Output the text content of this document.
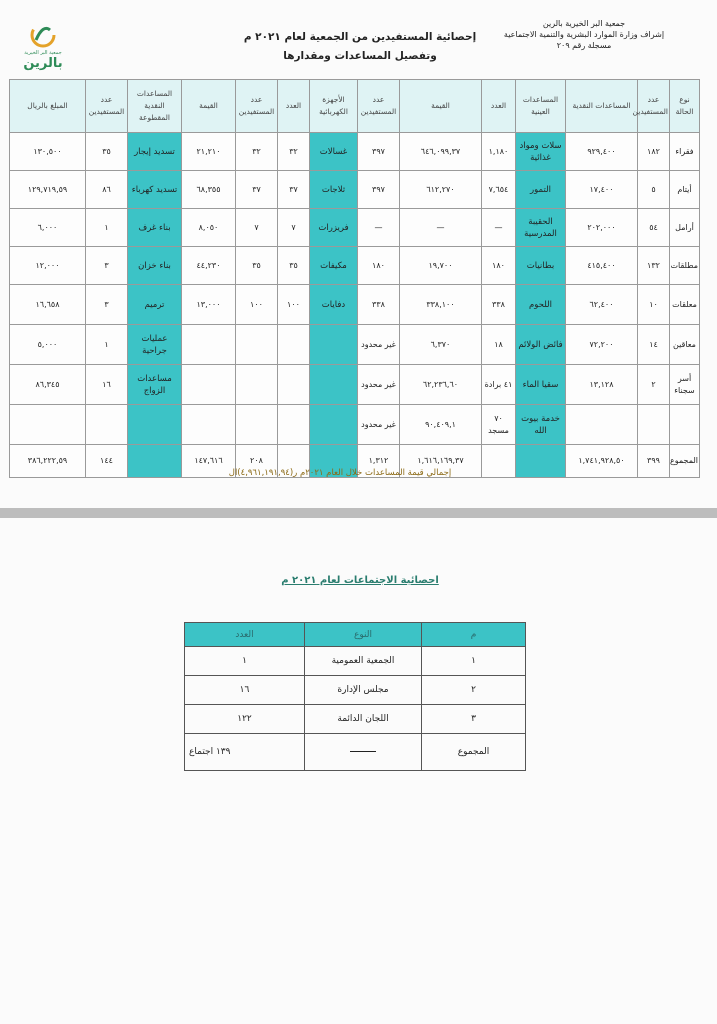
جمعية البر الخيرية بالرين
إشراف وزارة الموارد البشرية والتنمية الاجتماعية
مسجلة رقم ٢٠٩
إحصائية المستفيدين من الجمعية لعام ٢٠٢١ م
وتفصيل المساعدات ومقدارها
جمعية البر الخيرية
بالرين
نوع الحالة	عدد المستفيدين	المساعدات النقدية	المساعدات العينية	العدد	القيمة	عدد المستفيدين	الأجهزة الكهربائية	العدد	عدد المستفيدين	القيمة	المساعدات النقدية المقطوعة	عدد المستفيدين	المبلغ بالريال
فقراء	١٨٢	٩٢٩,٤٠٠	سلات ومواد غذائية	١,١٨٠	٦٤٦,٠٩٩,٣٧	٣٩٧	غسالات	٣٢	٣٢	٢١,٢١٠	تسديد إيجار	٣٥	١٣٠,٥٠٠
أيتام	٥	١٧,٤٠٠	التمور	٧,٦٥٤	٦١٢,٢٧٠	٣٩٧	ثلاجات	٣٧	٣٧	٦٨,٣٥٥	تسديد كهرباء	٨٦	١٢٩,٧١٩,٥٩
أرامل	٥٤	٢٠٢,٠٠٠	الحقيبة المدرسية	—	—	—	فريزرات	٧	٧	٨,٠٥٠	بناء غرف	١	٦,٠٠٠
مطلقات	١٣٢	٤١٥,٤٠٠	بطانيات	١٨٠	١٩,٧٠٠	١٨٠	مكيفات	٣٥	٣٥	٤٤,٢٣٠	بناء خزان	٣	١٢,٠٠٠
معلقات	١٠	٦٢,٤٠٠	اللحوم	٣٣٨	٣٣٨,١٠٠	٣٣٨	دفايات	١٠٠	١٠٠	١٣,٠٠٠	ترميم	٣	١٦,٦٥٨
معاقين	١٤	٧٢,٢٠٠	فائض الولائم	١٨	٦,٣٧٠	غير محدود					عمليات جراحية	١	٥,٠٠٠
أسر سجناء	٢	١٣,١٢٨	سقيا الماء	٤١ برادة	٦٢,٢٣٦,٦٠	غير محدود					مساعدات الزواج	١٦	٨٦,٣٤٥
			خدمة بيوت الله	٧٠ مسجد	٩٠,٤٠٩,١	غير محدود							
المجموع	٣٩٩	١,٧٤١,٩٢٨,٥٠			١,٦١٦,١٦٩,٣٧	١,٣١٢			٢٠٨	١٤٧,٦١٦		١٤٤	٣٨٦,٢٢٢,٥٩
إجمالي قيمة المساعدات خلال العام ٢٠٢١م ر(٤,٩٦١,١٩١,٩٤)ال
احصائية الاجتماعات لعام ٢٠٢١ م
م	النوع	العدد
١	الجمعية العمومية	١
٢	مجلس الإدارة	١٦
٣	اللجان الدائمة	١٢٢
المجموع		١٣٩ اجتماع
